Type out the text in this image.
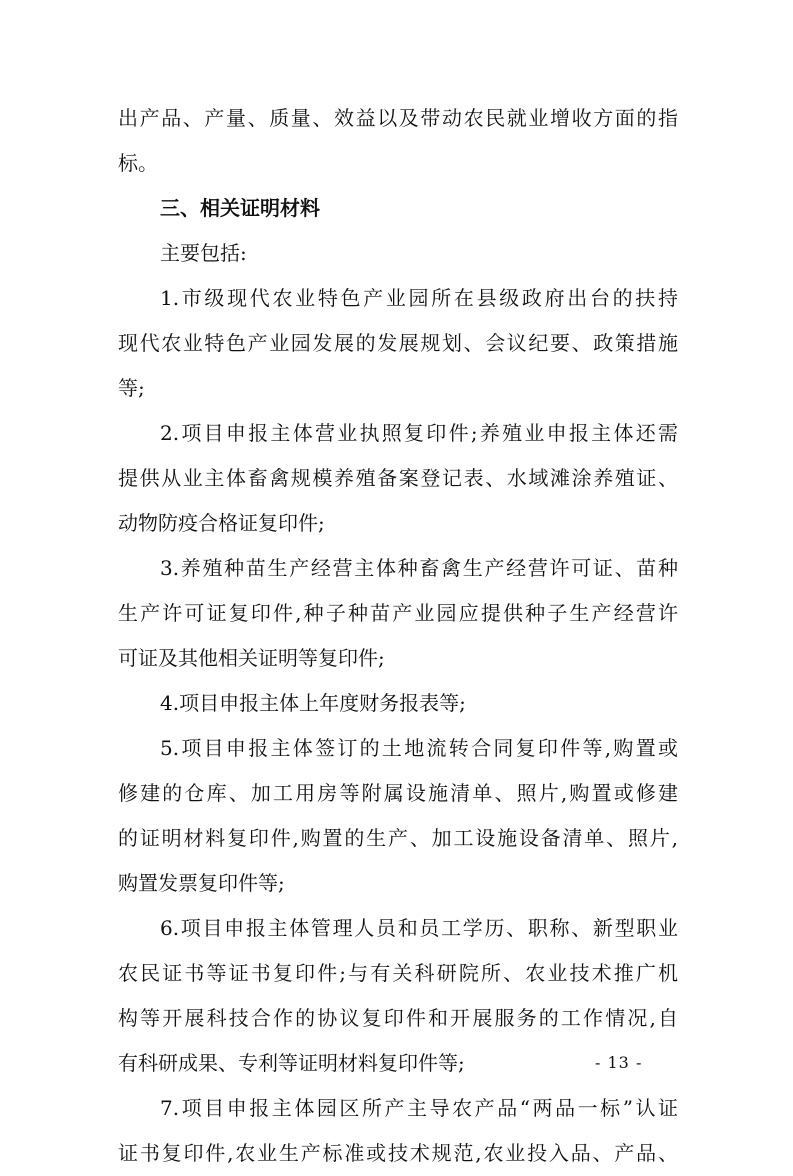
出产品、产量、质量、效益以及带动农民就业增收方面的指
标。
三、相关证明材料
主要包括:
1.市级现代农业特色产业园所在县级政府出台的扶持
现代农业特色产业园发展的发展规划、会议纪要、政策措施
等;
2.项目申报主体营业执照复印件;养殖业申报主体还需
提供从业主体畜禽规模养殖备案登记表、水域滩涂养殖证、
动物防疫合格证复印件;
3.养殖种苗生产经营主体种畜禽生产经营许可证、苗种
生产许可证复印件,种子种苗产业园应提供种子生产经营许
可证及其他相关证明等复印件;
4.项目申报主体上年度财务报表等;
5.项目申报主体签订的土地流转合同复印件等,购置或
修建的仓库、加工用房等附属设施清单、照片,购置或修建
的证明材料复印件,购置的生产、加工设施设备清单、照片,
购置发票复印件等;
6.项目申报主体管理人员和员工学历、职称、新型职业
农民证书等证书复印件;与有关科研院所、农业技术推广机
构等开展科技合作的协议复印件和开展服务的工作情况,自
有科研成果、专利等证明材料复印件等;
7.项目申报主体园区所产主导农产品“两品一标”认证
证书复印件,农业生产标准或技术规范,农业投入品、产品、
- 13 -
